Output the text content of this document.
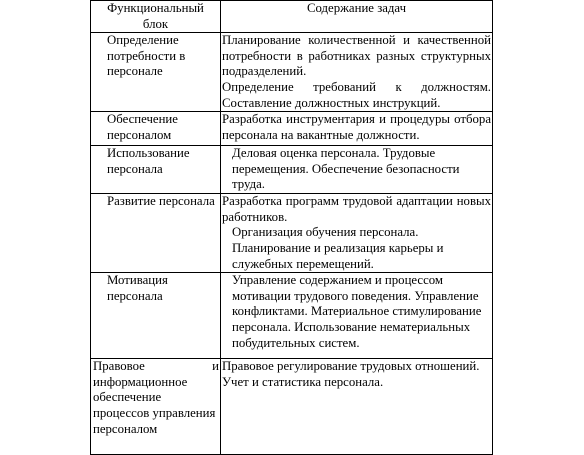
Функциональный блок	Содержание задач
Определение потребности в персонале	Планирование количественной и качественной потребности в работниках разных структурных подразделений.
Определение требований к должностям. Составление должностных инструкций.

Обеспечение персоналом	Разработка инструментария и процедуры отбора персонала на вакантные должности.

Использование персонала	Деловая оценка персонала. Трудовые перемещения. Обеспечение безопасности труда.

Развитие персонала	Разработка программ трудовой адаптации новых работников.
Организация обучения персонала.
Планирование и реализация карьеры и служебных перемещений.

Мотивация персонала	Управление содержанием и процессом мотивации трудового поведения. Управление конфликтами. Материальное стимулирование персонала. Использование нематериальных побудительных систем.

Правовое и
информационное обеспечение процессов управления персоналом	Правовое регулирование трудовых отношений. Учет и статистика персонала.
